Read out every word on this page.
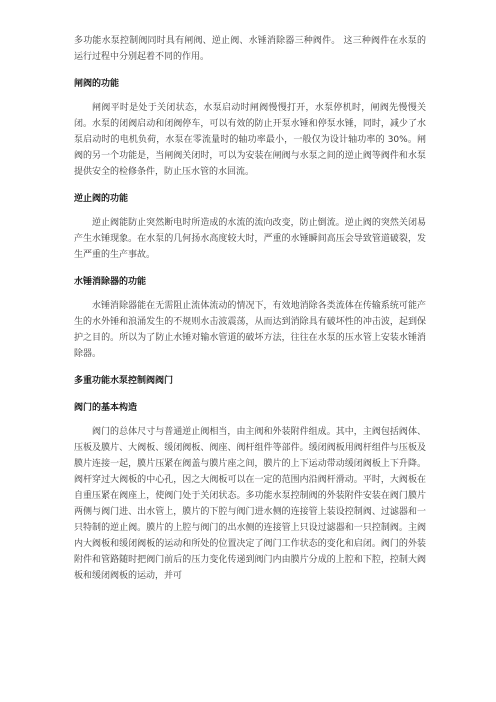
多功能水泵控制阀同时具有闸阀、逆止阀、水锤消除器三种阀件。 这三种阀件在水泵的运行过程中分别起着不同的作用。

闸阀的功能

闸阀平时是处于关闭状态，水泵启动时闸阀慢慢打开，水泵停机时，闸阀先慢慢关闭。水泵的闭阀启动和闭阀停车，可以有效的防止开泵水锤和停泵水锤，同时，减少了水泵启动时的电机负荷，水泵在零流量时的轴功率最小，一般仅为设计轴功率的 30%。闸阀的另一个功能是，当闸阀关闭时，可以为安装在闸阀与水泵之间的逆止阀等阀件和水泵提供安全的检修条件，防止压水管的水回流。

逆止阀的功能

逆止阀能防止突然断电时所造成的水流的流向改变，防止倒流。逆止阀的突然关闭易产生水锤现象。在水泵的几何扬水高度较大时，严重的水锤瞬间高压会导致管道破裂，发生严重的生产事故。

水锤消除器的功能

水锤消除器能在无需阻止流体流动的情况下，有效地消除各类流体在传输系统可能产生的水外锤和浪涌发生的不规则水击波震荡，从而达到消除具有破坏性的冲击波，起到保护之目的。所以为了防止水锤对输水管道的破坏方法，往往在水泵的压水管上安装水锤消除器。

多重功能水泵控制阀阀门
阀门的基本构造

阀门的总体尺寸与普通逆止阀相当，由主阀和外装附件组成。其中，主阀包括阀体、压板及膜片、大阀板、缓闭阀板、阀座、阀杆组件等部件。缓闭阀板用阀杆组件与压板及膜片连接一起，膜片压紧在阀盖与膜片座之间，膜片的上下运动带动缓闭阀板上下升降。阀杆穿过大阀板的中心孔，因之大阀板可以在一定的范围内沿阀杆滑动。平时，大阀板在自重压紧在阀座上，使阀门处于关闭状态。多功能水泵控制阀的外装附件安装在阀门膜片两侧与阀门进、出水管上，膜片的下腔与阀门进水侧的连接管上装设控制阀、过滤器和一只特制的逆止阀。膜片的上腔与阀门的出水侧的连接管上只设过滤器和一只控制阀。主阀内大阀板和缓闭阀板的运动和所处的位置决定了阀门工作状态的变化和启闭。阀门的外装附件和管路随时把阀门前后的压力变化传递到阀门内由膜片分成的上腔和下腔，控制大阀板和缓闭阀板的运动，并可
